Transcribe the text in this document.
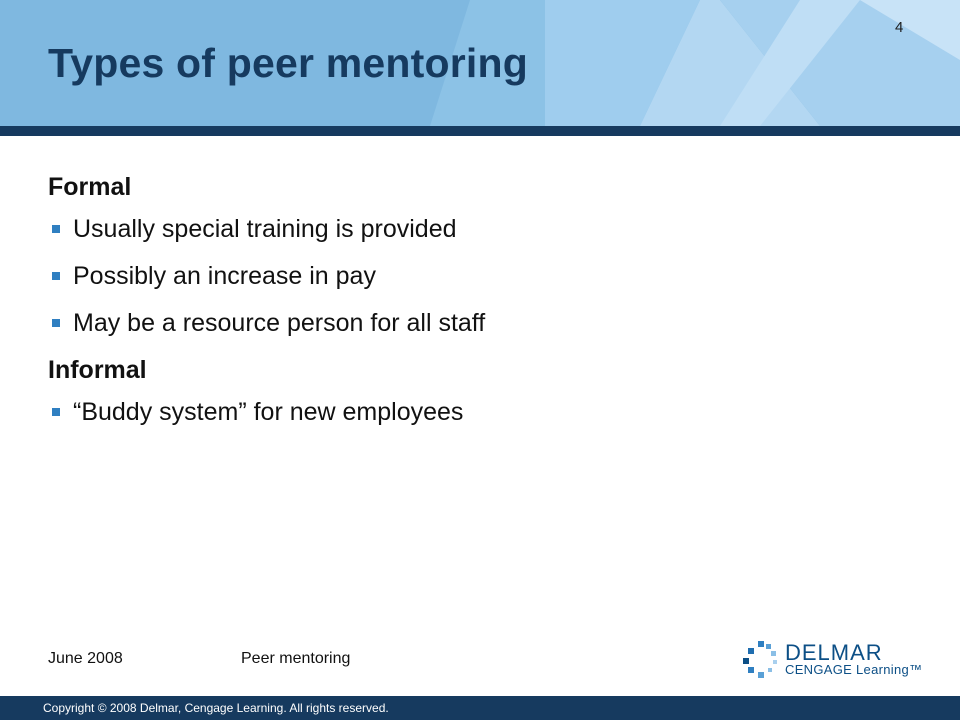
Types of peer mentoring
4

Formal

Usually special training is provided
Possibly an increase in pay
May be a resource person for all staff

Informal

“Buddy system” for new employees
June 2008	Peer mentoring	DELMAR
CENGAGE Learning™
Copyright © 2008 Delmar, Cengage Learning. All rights reserved.
